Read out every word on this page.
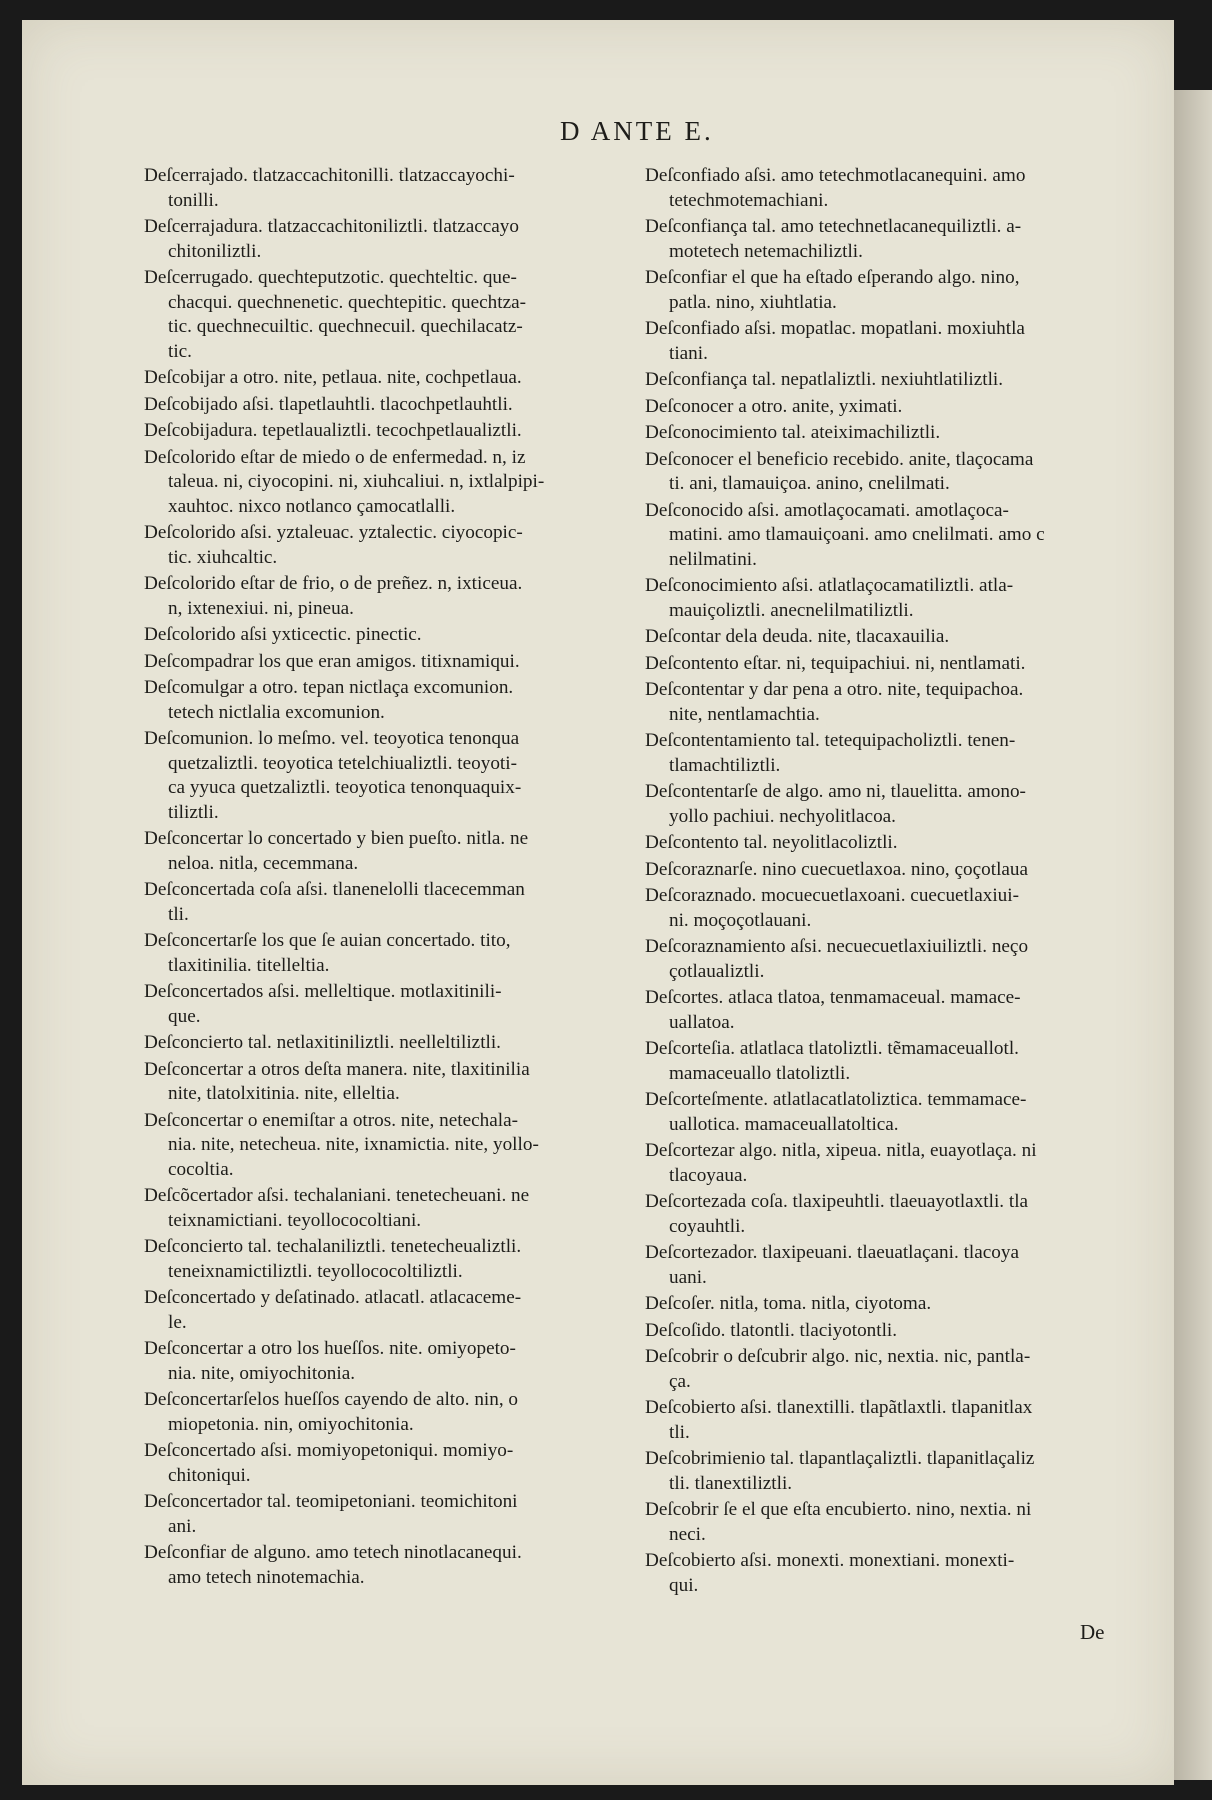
D ANTE E.
Deſcerrajado. tlatzaccachitonilli. tlatzaccayochi-
tonilli.
Deſcerrajadura. tlatzaccachitoniliztli. tlatzaccayo
chitoniliztli.
Deſcerrugado. quechteputzotic. quechteltic. que-
chacqui. quechnenetic. quechtepitic. quechtza-
tic. quechnecuiltic. quechnecuil. quechilacatz-
tic.
Deſcobijar a otro. nite, petlaua. nite, cochpetlaua.
Deſcobijado aſsi. tlapetlauhtli. tlacochpetlauhtli.
Deſcobijadura. tepetlaualiztli. tecochpetlaualiztli.
Deſcolorido eſtar de miedo o de enfermedad. n, iz
taleua. ni, ciyocopini. ni, xiuhcaliui. n, ixtlalpipi-
xauhtoc. nixco notlanco çamocatlalli.
Deſcolorido aſsi. yztaleuac. yztalectic. ciyocopic-
tic. xiuhcaltic.
Deſcolorido eſtar de frio, o de preñez. n, ixticeua.
n, ixtenexiui. ni, pineua.
Deſcolorido aſsi yxticectic. pinectic.
Deſcompadrar los que eran amigos. titixnamiqui.
Deſcomulgar a otro. tepan nictlaça excomunion.
tetech nictlalia excomunion.
Deſcomunion. lo meſmo. vel. teoyotica tenonqua
quetzaliztli. teoyotica tetelchiualiztli. teoyoti-
ca yyuca quetzaliztli. teoyotica tenonquaquix-
tiliztli.
Deſconcertar lo concertado y bien pueſto. nitla. ne
neloa. nitla, cecemmana.
Deſconcertada coſa aſsi. tlanenelolli tlacecemman
tli.
Deſconcertarſe los que ſe auian concertado. tito,
tlaxitinilia. titelleltia.
Deſconcertados aſsi. melleltique. motlaxitinili-
que.
Deſconcierto tal. netlaxitiniliztli. neelleltiliztli.
Deſconcertar a otros deſta manera. nite, tlaxitinilia
nite, tlatolxitinia. nite, elleltia.
Deſconcertar o enemiſtar a otros. nite, netechala-
nia. nite, netecheua. nite, ixnamictia. nite, yollo-
cocoltia.
Deſcõcertador aſsi. techalaniani. tenetecheuani. ne
teixnamictiani. teyollococoltiani.
Deſconcierto tal. techalaniliztli. tenetecheualiztli.
teneixnamictiliztli. teyollococoltiliztli.
Deſconcertado y deſatinado. atlacatl. atlacaceme-
le.
Deſconcertar a otro los hueſſos. nite. omiyopeto-
nia. nite, omiyochitonia.
Deſconcertarſelos hueſſos cayendo de alto. nin, o
miopetonia. nin, omiyochitonia.
Deſconcertado aſsi. momiyopetoniqui. momiyo-
chitoniqui.
Deſconcertador tal. teomipetoniani. teomichitoni
ani.
Deſconfiar de alguno. amo tetech ninotlacanequi.
amo tetech ninotemachia.
Deſconfiado aſsi. amo tetechmotlacanequini. amo
tetechmotemachiani.
Deſconfiança tal. amo tetechnetlacanequiliztli. a-
motetech netemachiliztli.
Deſconfiar el que ha eſtado eſperando algo. nino,
patla. nino, xiuhtlatia.
Deſconfiado aſsi. mopatlac. mopatlani. moxiuhtla
tiani.
Deſconfiança tal. nepatlaliztli. nexiuhtlatiliztli.
Deſconocer a otro. anite, yximati.
Deſconocimiento tal. ateiximachiliztli.
Deſconocer el beneficio recebido. anite, tlaçocama
ti. ani, tlamauiçoa. anino, cnelilmati.
Deſconocido aſsi. amotlaçocamati. amotlaçoca-
matini. amo tlamauiçoani. amo cnelilmati. amo c
nelilmatini.
Deſconocimiento aſsi. atlatlaçocamatiliztli. atla-
mauiçoliztli. anecnelilmatiliztli.
Deſcontar dela deuda. nite, tlacaxauilia.
Deſcontento eſtar. ni, tequipachiui. ni, nentlamati.
Deſcontentar y dar pena a otro. nite, tequipachoa.
nite, nentlamachtia.
Deſcontentamiento tal. tetequipacholiztli. tenen-
tlamachtiliztli.
Deſcontentarſe de algo. amo ni, tlauelitta. amono-
yollo pachiui. nechyolitlacoa.
Deſcontento tal. neyolitlacoliztli.
Deſcoraznarſe. nino cuecuetlaxoa. nino, çoçotlaua
Deſcoraznado. mocuecuetlaxoani. cuecuetlaxiui-
ni. moçoçotlauani.
Deſcoraznamiento aſsi. necuecuetlaxiuiliztli. neço
çotlaualiztli.
Deſcortes. atlaca tlatoa, tenmamaceual. mamace-
uallatoa.
Deſcorteſia. atlatlaca tlatoliztli. tẽmamaceuallotl.
mamaceuallo tlatoliztli.
Deſcorteſmente. atlatlacatlatoliztica. temmamace-
uallotica. mamaceuallatoltica.
Deſcortezar algo. nitla, xipeua. nitla, euayotlaça. ni
tlacoyaua.
Deſcortezada coſa. tlaxipeuhtli. tlaeuayotlaxtli. tla
coyauhtli.
Deſcortezador. tlaxipeuani. tlaeuatlaçani. tlacoya
uani.
Deſcoſer. nitla, toma. nitla, ciyotoma.
Deſcoſido. tlatontli. tlaciyotontli.
Deſcobrir o deſcubrir algo. nic, nextia. nic, pantla-
ça.
Deſcobierto aſsi. tlanextilli. tlapãtlaxtli. tlapanitlax
tli.
Deſcobrimienio tal. tlapantlaçaliztli. tlapanitlaçaliz
tli. tlanextiliztli.
Deſcobrir ſe el que eſta encubierto. nino, nextia. ni
neci.
Deſcobierto aſsi. monexti. monextiani. monexti-
qui.
De
